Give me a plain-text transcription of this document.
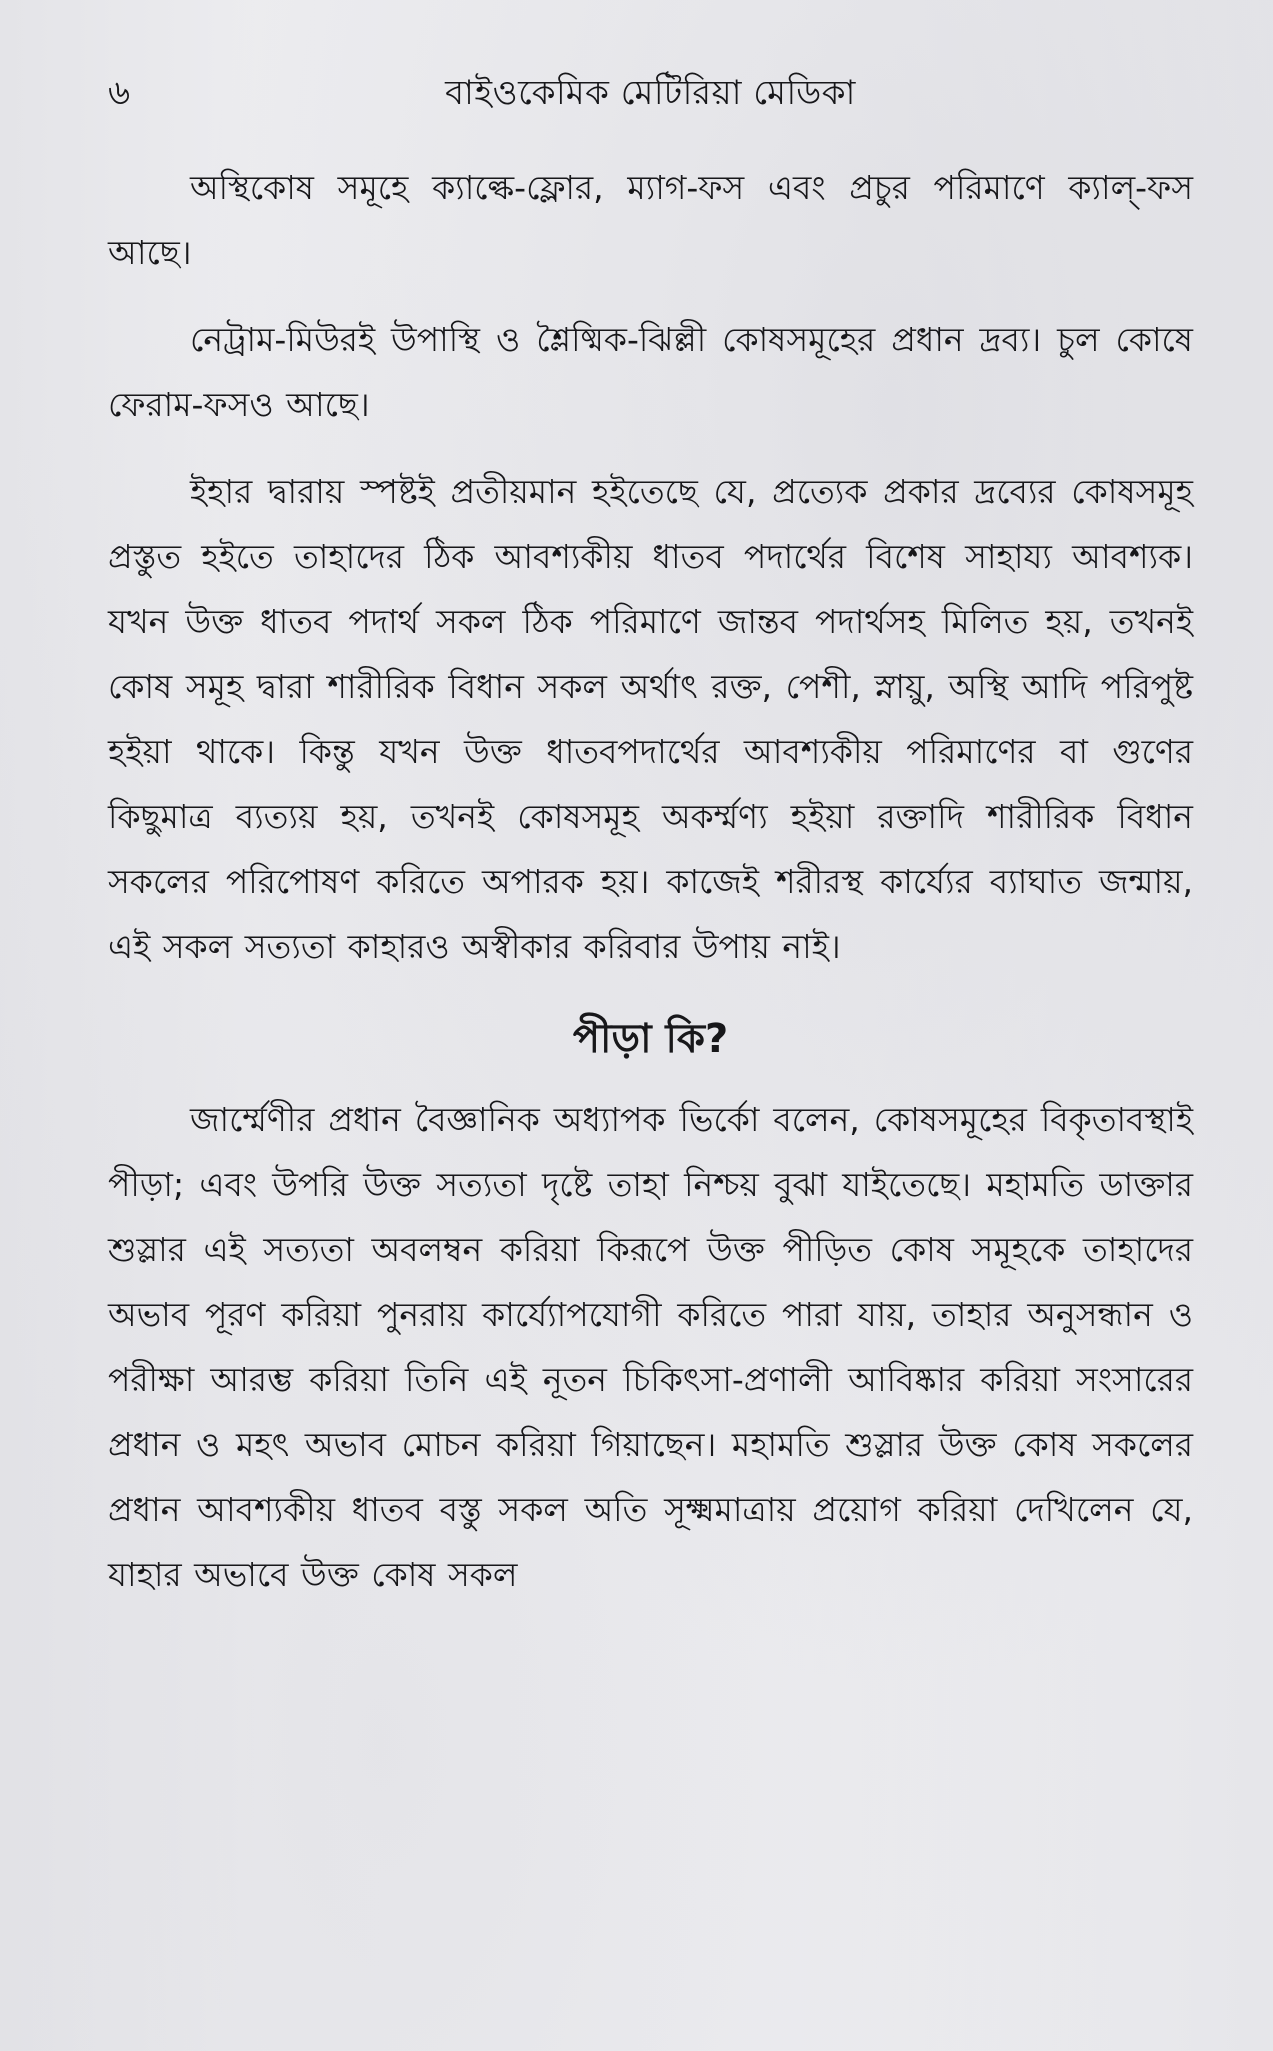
৬	বাইওকেমিক মেটিরিয়া মেডিকা

অস্থিকোষ সমূহে ক্যাল্কে-ফ্লোর, ম্যাগ-ফস এবং প্রচুর পরিমাণে ক্যাল্-ফস আছে।

নেট্রাম-মিউরই উপাস্থি ও শ্লৈষ্মিক-ঝিল্লী কোষসমূহের প্রধান দ্রব্য। চুল কোষে ফেরাম-ফসও আছে।

ইহার দ্বারায় স্পষ্টই প্রতীয়মান হইতেছে যে, প্রত্যেক প্রকার দ্রব্যের কোষসমূহ প্রস্তুত হইতে তাহাদের ঠিক আবশ্যকীয় ধাতব পদার্থের বিশেষ সাহায্য আবশ্যক। যখন উক্ত ধাতব পদার্থ সকল ঠিক পরিমাণে জান্তব পদার্থসহ মিলিত হয়, তখনই কোষ সমূহ দ্বারা শারীরিক বিধান সকল অর্থাৎ রক্ত, পেশী, স্নায়ু, অস্থি আদি পরিপুষ্ট হইয়া থাকে। কিন্তু যখন উক্ত ধাতবপদার্থের আবশ্যকীয় পরিমাণের বা গুণের কিছুমাত্র ব্যত্যয় হয়, তখনই কোষসমূহ অকর্ম্মণ্য হইয়া রক্তাদি শারীরিক বিধান সকলের পরিপোষণ করিতে অপারক হয়। কাজেই শরীরস্থ কার্য্যের ব্যাঘাত জন্মায়, এই সকল সত্যতা কাহারও অস্বীকার করিবার উপায় নাই।

পীড়া কি?

জার্ম্মেণীর প্রধান বৈজ্ঞানিক অধ্যাপক ভির্কো বলেন, কোষসমূহের বিকৃতাবস্থাই পীড়া; এবং উপরি উক্ত সত্যতা দৃষ্টে তাহা নিশ্চয় বুঝা যাইতেছে। মহামতি ডাক্তার শুস্লার এই সত্যতা অবলম্বন করিয়া কিরূপে উক্ত পীড়িত কোষ সমূহকে তাহাদের অভাব পূরণ করিয়া পুনরায় কার্য্যোপযোগী করিতে পারা যায়, তাহার অনুসন্ধান ও পরীক্ষা আরম্ভ করিয়া তিনি এই নূতন চিকিৎসা-প্রণালী আবিষ্কার করিয়া সংসারের প্রধান ও মহৎ অভাব মোচন করিয়া গিয়াছেন। মহামতি শুস্লার উক্ত কোষ সকলের প্রধান আবশ্যকীয় ধাতব বস্তু সকল অতি সূক্ষ্মমাত্রায় প্রয়োগ করিয়া দেখিলেন যে, যাহার অভাবে উক্ত কোষ সকল
